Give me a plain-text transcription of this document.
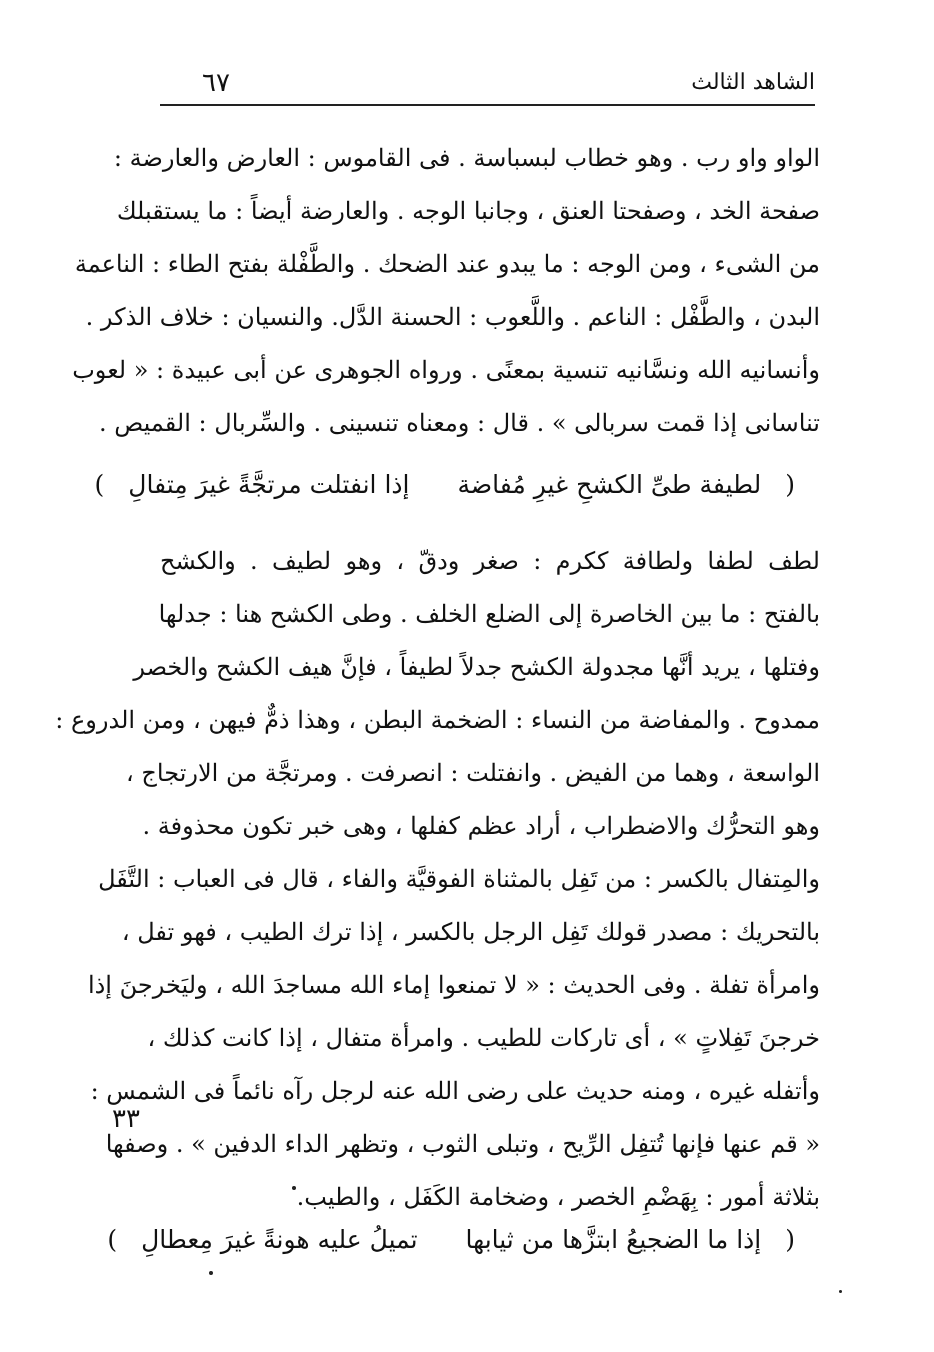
٦٧	الشاهد الثالث
الواو واو رب . وهو خطاب لبسباسة . فى القاموس : العارض والعارضة :
صفحة الخد ، وصفحتا العنق ، وجانبا الوجه . والعارضة أيضاً : ما يستقبلك
من الشىء ، ومن الوجه : ما يبدو عند الضحك . والطَّفْلة بفتح الطاء : الناعمة
البدن ، والطَّفْل : الناعم . واللَّعوب : الحسنة الدَّل. والنسيان : خلاف الذكر .
وأنسانيه الله ونسَّانيه تنسية بمعنًى . ورواه الجوهرى عن أبى عبيدة : « لعوب
تناسانى إذا قمت سربالى » . قال : ومعناه تنسينى . والسِّربال : القميص .
(لطيفة طىِّ الكشحِ غيرِ مُفاضةإذا انفتلت مرتجَّةً غيرَ مِتفالِ)
لطف لطفا ولطافة ككرم : صغر ودقّ ، وهو لطيف . والكشح
بالفتح : ما بين الخاصرة إلى الضلع الخلف . وطى الكشح هنا : جدلها
وفتلها ، يريد أنَّها مجدولة الكشح جدلاً لطيفاً ، فإنَّ هيف الكشح والخصر
ممدوح . والمفاضة من النساء : الضخمة البطن ، وهذا ذمٌّ فيهن ، ومن الدروع :
الواسعة ، وهما من الفيض . وانفتلت : انصرفت . ومرتجَّة من الارتجاج ،
وهو التحرُّك والاضطراب ، أراد عظم كفلها ، وهى خبر تكون محذوفة .
والمِتفال بالكسر : من تَفِل بالمثناة الفوقيَّة والفاء ، قال فى العباب : التَّفَل
بالتحريك : مصدر قولك تَفِل الرجل بالكسر ، إذا ترك الطيب ، فهو تفل ،
وامرأة تفلة . وفى الحديث : « لا تمنعوا إماء الله مساجدَ الله ، وليَخرجنَ إذا
خرجنَ تَفِلاتٍ » ، أى تاركات للطيب . وامرأة متفال ، إذا كانت كذلك ،
وأتفله غيره ، ومنه حديث على رضى الله عنه لرجل رآه نائماً فى الشمس :
« قم عنها فإنها تُتفِل الرِّيح ، وتبلى الثوب ، وتظهر الداء الدفين » . وصفها
بثلاثة أمور : بِهَضْمِ الخصر ، وضخامة الكَفَل ، والطيب.
٣٣
(إذا ما الضجيعُ ابتزَّها من ثيابهاتميلُ عليه هونةً غيرَ مِعطالِ)
